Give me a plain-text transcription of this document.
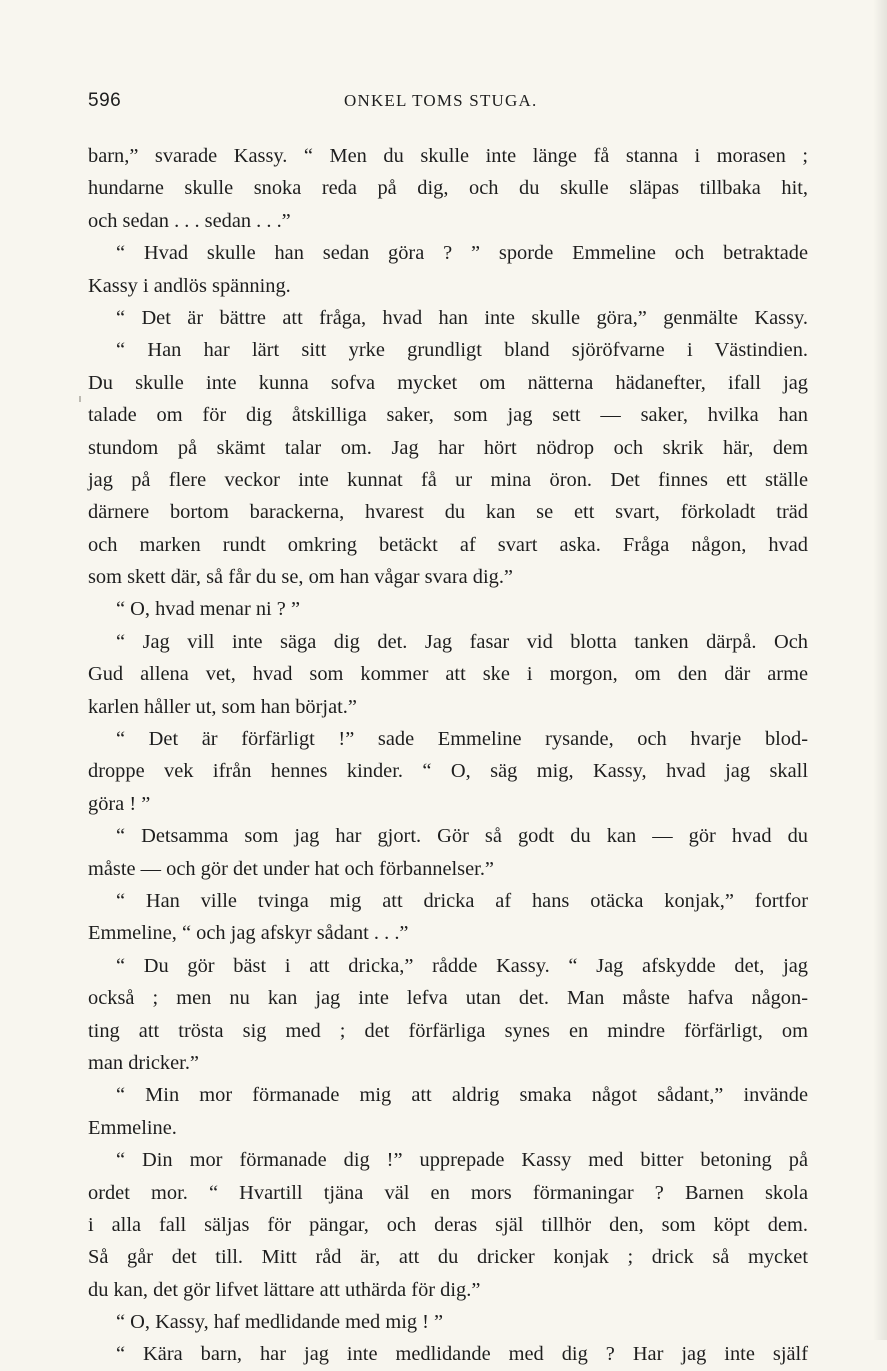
596	ONKEL TOMS STUGA.
barn,” svarade Kassy. “ Men du skulle inte länge få stanna i morasen ;
hundarne skulle snoka reda på dig, och du skulle släpas tillbaka hit,
och sedan . . . sedan . . .”
“ Hvad skulle han sedan göra ? ” sporde Emmeline och betraktade
Kassy i andlös spänning.
“ Det är bättre att fråga, hvad han inte skulle göra,” genmälte Kassy.
“ Han har lärt sitt yrke grundligt bland sjöröfvarne i Västindien.
Du skulle inte kunna sofva mycket om nätterna hädanefter, ifall jag
talade om för dig åtskilliga saker, som jag sett — saker, hvilka han
stundom på skämt talar om. Jag har hört nödrop och skrik här, dem
jag på flere veckor inte kunnat få ur mina öron. Det finnes ett ställe
därnere bortom barackerna, hvarest du kan se ett svart, förkoladt träd
och marken rundt omkring betäckt af svart aska. Fråga någon, hvad
som skett där, så får du se, om han vågar svara dig.”
“ O, hvad menar ni ? ”
“ Jag vill inte säga dig det. Jag fasar vid blotta tanken därpå. Och
Gud allena vet, hvad som kommer att ske i morgon, om den där arme
karlen håller ut, som han börjat.”
“ Det är förfärligt !” sade Emmeline rysande, och hvarje blod-
droppe vek ifrån hennes kinder. “ O, säg mig, Kassy, hvad jag skall
göra ! ”
“ Detsamma som jag har gjort. Gör så godt du kan — gör hvad du
måste — och gör det under hat och förbannelser.”
“ Han ville tvinga mig att dricka af hans otäcka konjak,” fortfor
Emmeline, “ och jag afskyr sådant . . .”
“ Du gör bäst i att dricka,” rådde Kassy. “ Jag afskydde det, jag
också ; men nu kan jag inte lefva utan det. Man måste hafva någon-
ting att trösta sig med ; det förfärliga synes en mindre förfärligt, om
man dricker.”
“ Min mor förmanade mig att aldrig smaka något sådant,” invände
Emmeline.
“ Din mor förmanade dig !” upprepade Kassy med bitter betoning på
ordet mor. “ Hvartill tjäna väl en mors förmaningar ? Barnen skola
i alla fall säljas för pängar, och deras själ tillhör den, som köpt dem.
Så går det till. Mitt råd är, att du dricker konjak ; drick så mycket
du kan, det gör lifvet lättare att uthärda för dig.”
“ O, Kassy, haf medlidande med mig ! ”
“ Kära barn, har jag inte medlidande med dig ? Har jag inte själf
